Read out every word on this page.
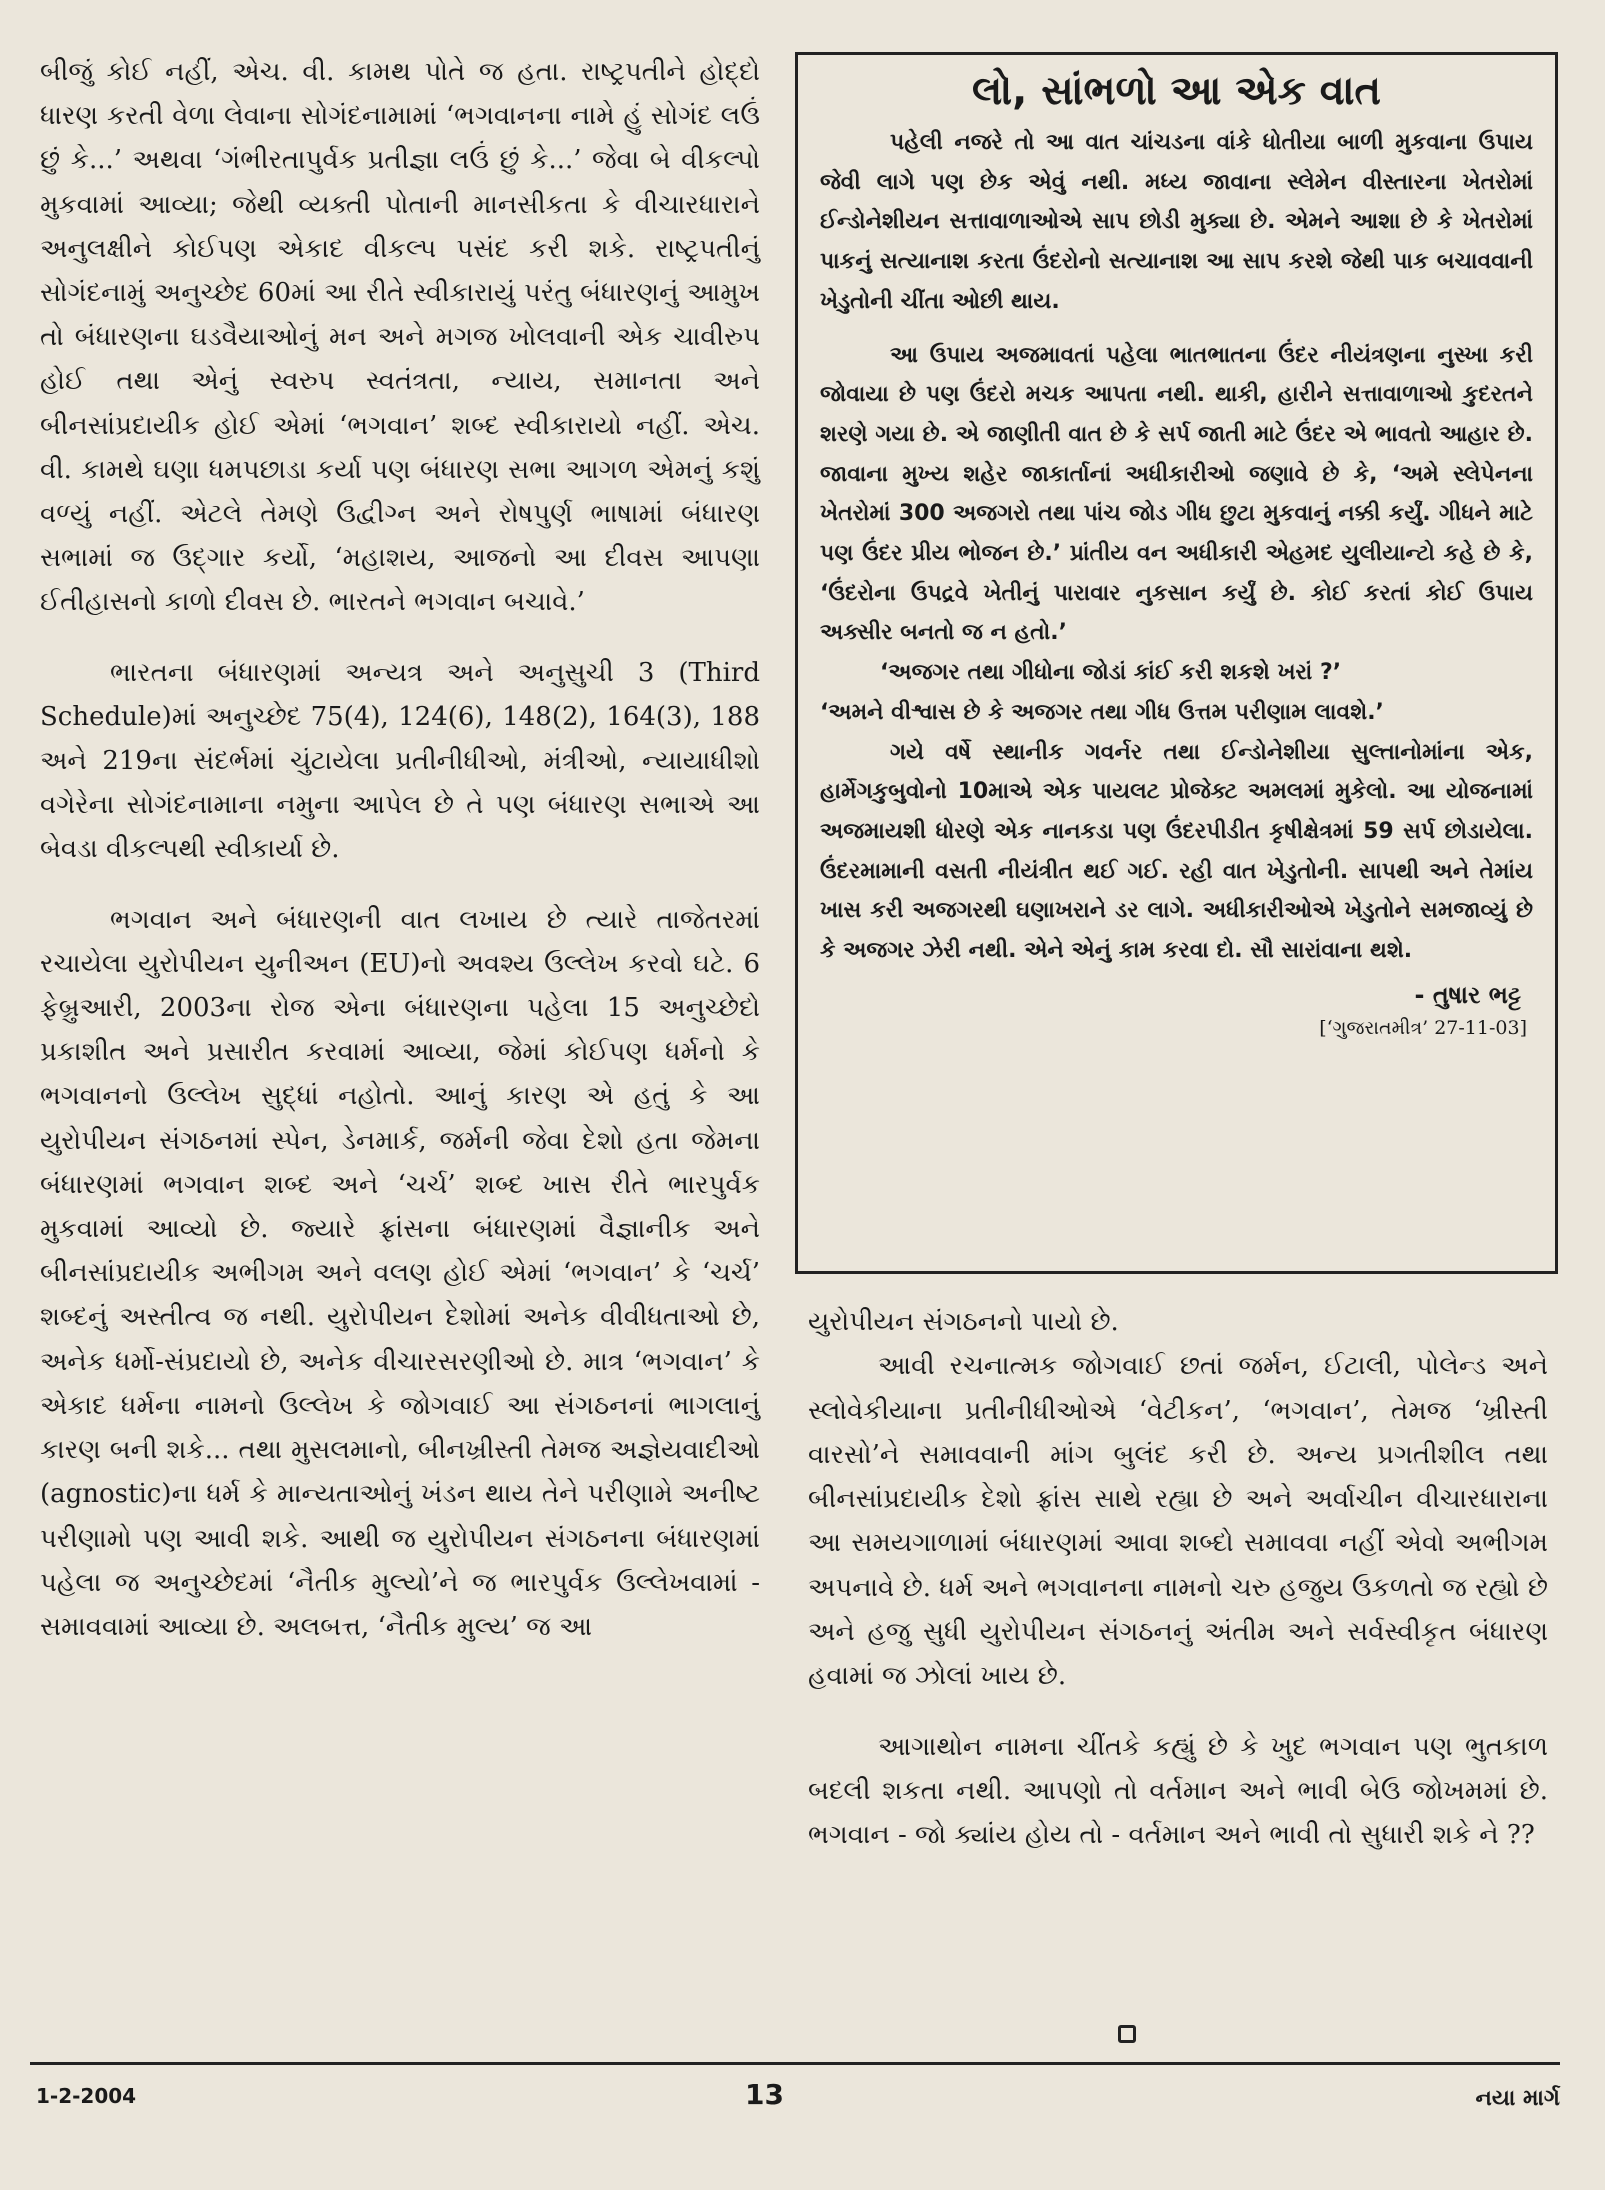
બીજું કોઈ નહીં, એચ. વી. કામથ પોતે જ હતા. રાષ્ટ્રપતીને હોદ્દો ધારણ કરતી વેળા લેવાના સોગંદનામામાં ‘ભગવાનના નામે હું સોગંદ લઉં છું કે...’ અથવા ‘ગંભીરતાપુર્વક પ્રતીજ્ઞા લઉં છું કે...’ જેવા બે વીકલ્પો મુકવામાં આવ્યા; જેથી વ્યક્તી પોતાની માનસીકતા કે વીચારધારાને અનુલક્ષીને કોઈપણ એકાદ વીકલ્પ પસંદ કરી શકે. રાષ્ટ્રપતીનું સોગંદનામું અનુચ્છેદ 60માં આ રીતે સ્વીકારાયું પરંતુ બંધારણનું આમુખ તો બંધારણના ઘડવૈયાઓનું મન અને મગજ ખોલવાની એક ચાવીરુપ હોઈ તથા એનું સ્વરુપ સ્વતંત્રતા, ન્યાય, સમાનતા અને બીનસાંપ્રદાયીક હોઈ એમાં ‘ભગવાન’ શબ્દ સ્વીકારાયો નહીં. એચ. વી. કામથે ઘણા ધમપછાડા કર્યા પણ બંધારણ સભા આગળ એમનું કશું વળ્યું નહીં. એટલે તેમણે ઉદ્વીગ્ન અને રોષપુર્ણ ભાષામાં બંધારણ સભામાં જ ઉદ્ગાર કર્યો, ‘મહાશય, આજનો આ દીવસ આપણા ઈતીહાસનો કાળો દીવસ છે. ભારતને ભગવાન બચાવે.’

ભારતના બંધારણમાં અન્યત્ર અને અનુસુચી 3 (Third Schedule)માં અનુચ્છેદ 75(4), 124(6), 148(2), 164(3), 188 અને 219ના સંદર્ભમાં ચુંટાયેલા પ્રતીનીધીઓ, મંત્રીઓ, ન્યાયાધીશો વગેરેના સોગંદનામાના નમુના આપેલ છે તે પણ બંધારણ સભાએ આ બેવડા વીકલ્પથી સ્વીકાર્યા છે.

ભગવાન અને બંધારણની વાત લખાય છે ત્યારે તાજેતરમાં રચાયેલા યુરોપીયન યુનીઅન (EU)નો અવશ્ય ઉલ્લેખ કરવો ઘટે. 6 ફેબ્રુઆરી, 2003ના રોજ એના બંધારણના પહેલા 15 અનુચ્છેદો પ્રકાશીત અને પ્રસારીત કરવામાં આવ્યા, જેમાં કોઈપણ ધર્મનો કે ભગવાનનો ઉલ્લેખ સુદ્ધાં નહોતો. આનું કારણ એ હતું કે આ યુરોપીયન સંગઠનમાં સ્પેન, ડેનમાર્ક, જર્મની જેવા દેશો હતા જેમના બંધારણમાં ભગવાન શબ્દ અને ‘ચર્ચ’ શબ્દ ખાસ રીતે ભારપુર્વક મુકવામાં આવ્યો છે. જ્યારે ફ્રાંસના બંધારણમાં વૈજ્ઞાનીક અને બીનસાંપ્રદાયીક અભીગમ અને વલણ હોઈ એમાં ‘ભગવાન’ કે ‘ચર્ચ’ શબ્દનું અસ્તીત્વ જ નથી. યુરોપીયન દેશોમાં અનેક વીવીધતાઓ છે, અનેક ધર્મો-સંપ્રદાયો છે, અનેક વીચારસરણીઓ છે. માત્ર ‘ભગવાન’ કે એકાદ ધર્મના નામનો ઉલ્લેખ કે જોગવાઈ આ સંગઠનનાં ભાગલાનું કારણ બની શકે... તથા મુસલમાનો, બીનખ્રીસ્તી તેમજ અજ્ઞેયવાદીઓ (agnostic)ના ધર્મ કે માન્યતાઓનું ખંડન થાય તેને પરીણામે અનીષ્ટ પરીણામો પણ આવી શકે. આથી જ યુરોપીયન સંગઠનના બંધારણમાં પહેલા જ અનુચ્છેદમાં ‘નૈતીક મુલ્યો’ને જ ભારપુર્વક ઉલ્લેખવામાં - સમાવવામાં આવ્યા છે. અલબત્ત, ‘નૈતીક મુલ્ય’ જ આ

લો, સાંભળો આ એક વાત

પહેલી નજરે તો આ વાત ચાંચડના વાંકે ધોતીયા બાળી મુકવાના ઉપાય જેવી લાગે પણ છેક એવું નથી. મધ્ય જાવાના સ્લેમેન વીસ્તારના ખેતરોમાં ઈન્ડોનેશીયન સત્તાવાળાઓએ સાપ છોડી મુક્યા છે. એમને આશા છે કે ખેતરોમાં પાકનું સત્યાનાશ કરતા ઉંદરોનો સત્યાનાશ આ સાપ કરશે જેથી પાક બચાવવાની ખેડુતોની ચીંતા ઓછી થાય.

આ ઉપાય અજમાવતાં પહેલા ભાતભાતના ઉંદર નીયંત્રણના નુસ્ખા કરી જોવાયા છે પણ ઉંદરો મચક આપતા નથી. થાકી, હારીને સત્તાવાળાઓ કુદરતને શરણે ગયા છે. એ જાણીતી વાત છે કે સર્પ જાતી માટે ઉંદર એ ભાવતો આહાર છે. જાવાના મુખ્ય શહેર જાકાર્તાનાં અધીકારીઓ જણાવે છે કે, ‘અમે સ્લેપેનના ખેતરોમાં 300 અજગરો તથા પાંચ જોડ ગીધ છુટા મુકવાનું નક્કી કર્યું. ગીધને માટે પણ ઉંદર પ્રીય ભોજન છે.’ પ્રાંતીય વન અધીકારી એહમદ યુલીયાન્ટો કહે છે કે, ‘ઉંદરોના ઉપદ્રવે ખેતીનું પારાવાર નુકસાન કર્યું છે. કોઈ કરતાં કોઈ ઉપાય અક્સીર બનતો જ ન હતો.’

‘અજગર તથા ગીધોના જોડાં કાંઈ કરી શકશે ખરાં ?’

‘અમને વીશ્વાસ છે કે અજગર તથા ગીધ ઉત્તમ પરીણામ લાવશે.’

ગયે વર્ષે સ્થાનીક ગવર્નર તથા ઈન્ડોનેશીયા સુલ્તાનોમાંના એક, હાર્મેગકુબુવોનો 10માએ એક પાયલટ પ્રોજેક્ટ અમલમાં મુકેલો. આ યોજનામાં અજમાયશી ધોરણે એક નાનકડા પણ ઉંદરપીડીત કૃષીક્ષેત્રમાં 59 સર્પ છોડાયેલા. ઉંદરમામાની વસતી નીયંત્રીત થઈ ગઈ. રહી વાત ખેડુતોની. સાપથી અને તેમાંય ખાસ કરી અજગરથી ઘણાખરાને ડર લાગે. અધીકારીઓએ ખેડુતોને સમજાવ્યું છે કે અજગર ઝેરી નથી. એને એનું કામ કરવા દો. સૌ સારાંવાના થશે.

- તુષાર ભટ્ટ
[‘ગુજરાતમીત્ર’ 27-11-03]

યુરોપીયન સંગઠનનો પાયો છે.

આવી રચનાત્મક જોગવાઈ છતાં જર્મન, ઈટાલી, પોલેન્ડ અને સ્લોવેકીયાના પ્રતીનીધીઓએ ‘વેટીકન’, ‘ભગવાન’, તેમજ ‘ખ્રીસ્તી વારસો’ને સમાવવાની માંગ બુલંદ કરી છે. અન્ય પ્રગતીશીલ તથા બીનસાંપ્રદાયીક દેશો ફ્રાંસ સાથે રહ્યા છે અને અર્વાચીન વીચારધારાના આ સમયગાળામાં બંધારણમાં આવા શબ્દો સમાવવા નહીં એવો અભીગમ અપનાવે છે. ધર્મ અને ભગવાનના નામનો ચરુ હજુય ઉકળતો જ રહ્યો છે અને હજુ સુધી યુરોપીયન સંગઠનનું અંતીમ અને સર્વસ્વીકૃત બંધારણ હવામાં જ ઝોલાં ખાય છે.

આગાથોન નામના ચીંતકે કહ્યું છે કે ખુદ ભગવાન પણ ભુતકાળ બદલી શકતા નથી. આપણો તો વર્તમાન અને ભાવી બેઉ જોખમમાં છે. ભગવાન - જો ક્યાંય હોય તો - વર્તમાન અને ભાવી તો સુધારી શકે ને ??

1-2-2004	13	નયા માર્ગ
